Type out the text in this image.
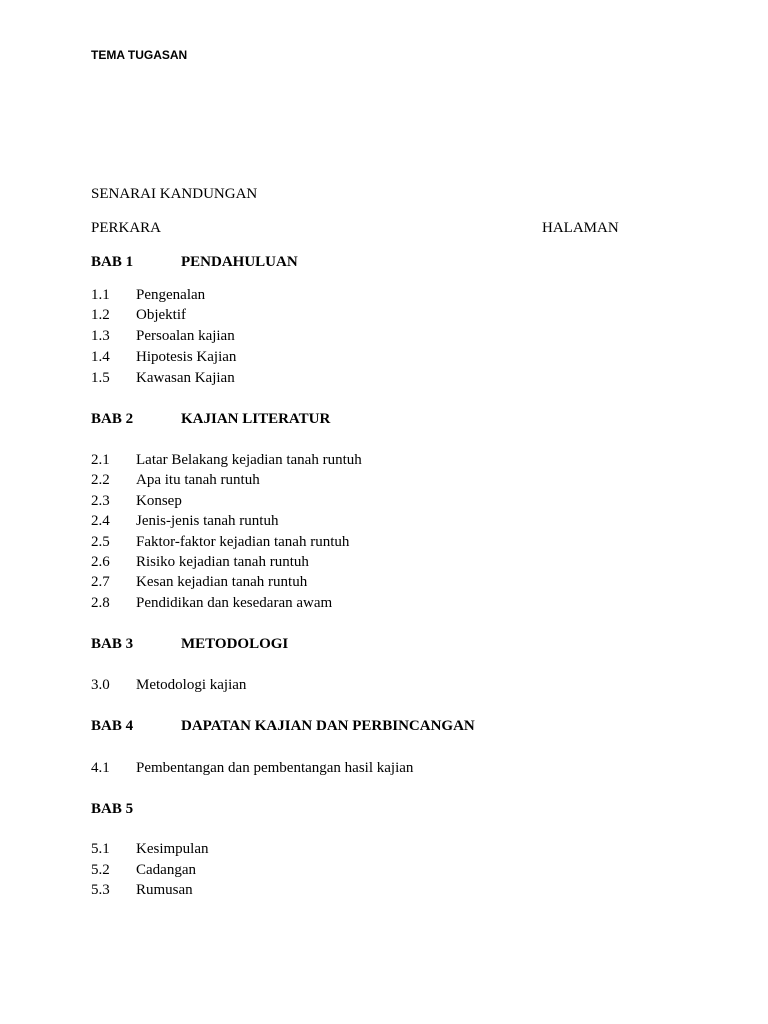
TEMA TUGASAN
SENARAI KANDUNGAN
PERKARA	HALAMAN
BAB 1	PENDAHULUAN
1.1 Pengenalan
1.2 Objektif
1.3 Persoalan kajian
1.4 Hipotesis Kajian
1.5 Kawasan Kajian
BAB 2	KAJIAN LITERATUR
2.1 Latar Belakang kejadian tanah runtuh
2.2 Apa itu tanah runtuh
2.3 Konsep
2.4 Jenis-jenis tanah runtuh
2.5 Faktor-faktor kejadian tanah runtuh
2.6 Risiko kejadian tanah runtuh
2.7 Kesan kejadian tanah runtuh
2.8 Pendidikan dan kesedaran awam
BAB 3	METODOLOGI
3.0 Metodologi kajian
BAB 4	DAPATAN KAJIAN DAN PERBINCANGAN
4.1 Pembentangan dan pembentangan hasil kajian
BAB 5
5.1 Kesimpulan
5.2 Cadangan
5.3 Rumusan
